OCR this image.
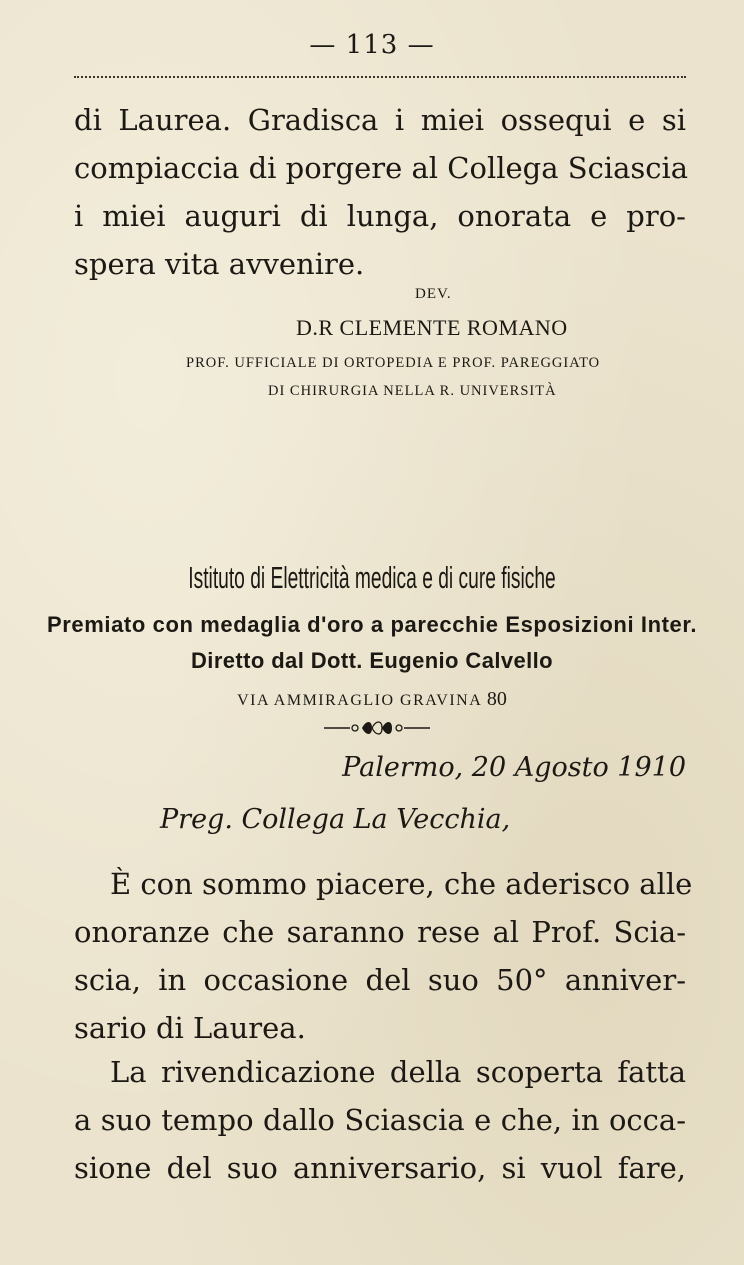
— 113 —
di Laurea. Gradisca i miei ossequi e si
compiaccia di porgere al Collega Sciascia
i miei auguri di lunga, onorata e pro-
spera vita avvenire.
DEV.
D.R CLEMENTE ROMANO
PROF. UFFICIALE DI ORTOPEDIA E PROF. PAREGGIATO
DI CHIRURGIA NELLA R. UNIVERSITÀ
Istituto di Elettricità medica e di cure fisiche
Premiato con medaglia d'oro a parecchie Esposizioni Inter.
Diretto dal Dott. Eugenio Calvello
VIA AMMIRAGLIO GRAVINA 80
Palermo, 20 Agosto 1910
Preg. Collega La Vecchia,
È con sommo piacere, che aderisco alle
onoranze che saranno rese al Prof. Scia-
scia, in occasione del suo 50° anniver-
sario di Laurea.
La rivendicazione della scoperta fatta
a suo tempo dallo Sciascia e che, in occa-
sione del suo anniversario, si vuol fare,
